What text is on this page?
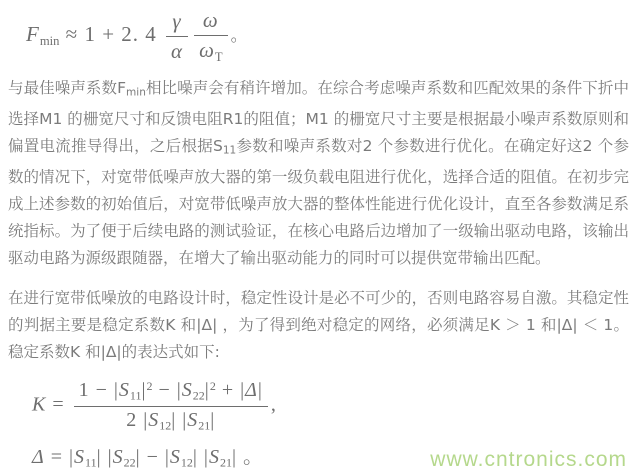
Fmin ≈ 1 + 2. $4 \frac{\gamma}{\alpha} \frac{\omega}{\omega T}$ 。

与最佳噪声系数Fmin相比噪声会有稍许增加。在综合考虑噪声系数和匹配效果的条件下折中选择M1 的栅宽尺寸和反馈电阻R1的阻值；M1 的栅宽尺寸主要是根据最小噪声系数原则和偏置电流推导得出，之后根据S11参数和噪声系数对2 个参数进行优化。在确定好这2 个参数的情况下，对宽带低噪声放大器的第一级负载电阻进行优化，选择合适的阻值。在初步完成上述参数的初始值后，对宽带低噪声放大器的整体性能进行优化设计，直至各参数满足系统指标。为了便于后续电路的测试验证，在核心电路后边增加了一级输出驱动电路，该输出驱动电路为源级跟随器，在增大了输出驱动能力的同时可以提供宽带输出匹配。

在进行宽带低噪放的电路设计时，稳定性设计是必不可少的，否则电路容易自激。其稳定性的判据主要是稳定系数K 和|Δ| ，为了得到绝对稳定的网络，必须满足K ＞ 1 和|Δ| ＜ 1。稳定系数K 和|Δ|的表达式如下:

$K = \frac{1 - |S11|^2 - |S22|^2 + |\Delta|}{2 |S12| |S21|}$ ,
Δ = |S11| |S22| − |S12| |S21| 。	www.cntronics.com
